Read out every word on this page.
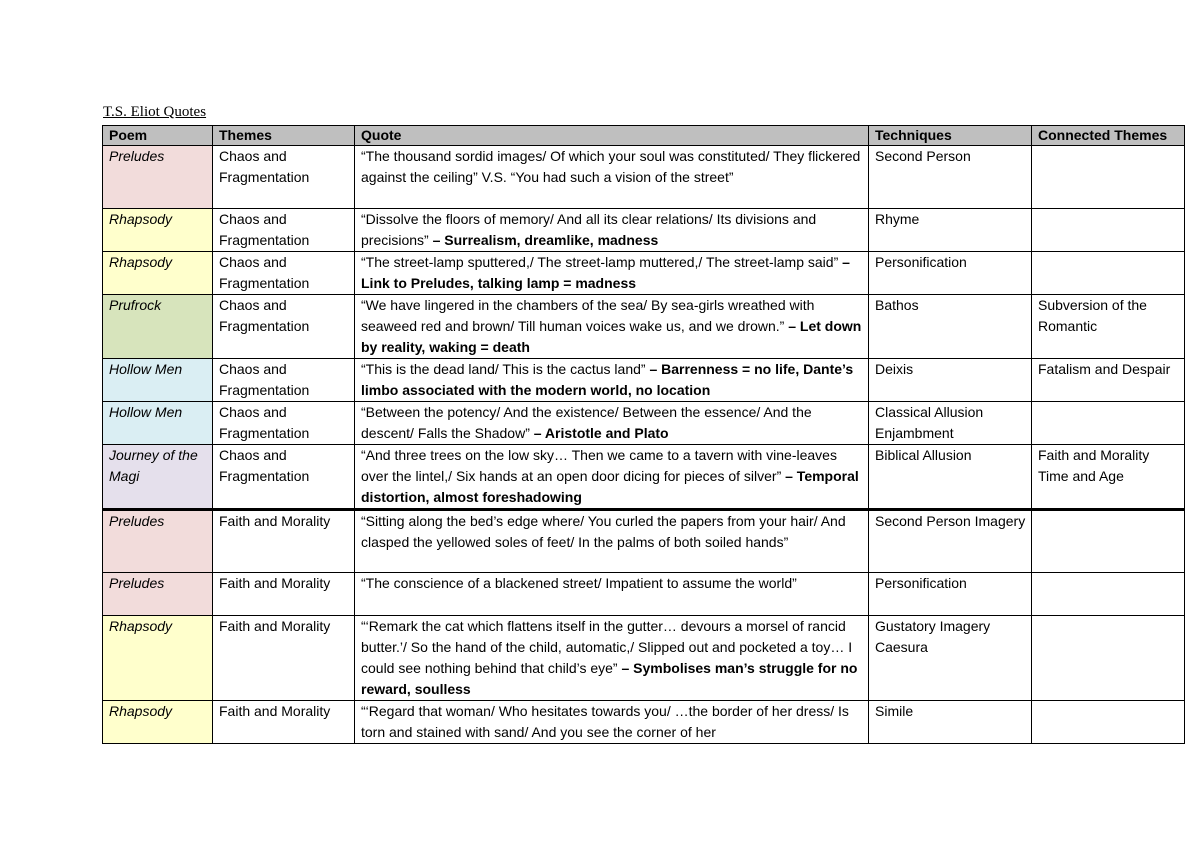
T.S. Eliot Quotes
Poem	Themes	Quote	Techniques	Connected Themes
Preludes	Chaos and Fragmentation	“The thousand sordid images/ Of which your soul was constituted/ They flickered against the ceiling” V.S. “You had such a vision of the street”	Second Person	
Rhapsody	Chaos and Fragmentation	“Dissolve the floors of memory/ And all its clear relations/ Its divisions and precisions” – Surrealism, dreamlike, madness	Rhyme	
Rhapsody	Chaos and Fragmentation	“The street-lamp sputtered,/ The street-lamp muttered,/ The street-lamp said” – Link to Preludes, talking lamp = madness	Personification	
Prufrock	Chaos and Fragmentation	“We have lingered in the chambers of the sea/ By sea-girls wreathed with seaweed red and brown/ Till human voices wake us, and we drown.” – Let down by reality, waking = death	Bathos	Subversion of the Romantic
Hollow Men	Chaos and Fragmentation	“This is the dead land/ This is the cactus land” – Barrenness = no life, Dante’s limbo associated with the modern world, no location	Deixis	Fatalism and Despair
Hollow Men	Chaos and Fragmentation	“Between the potency/ And the existence/ Between the essence/ And the descent/ Falls the Shadow” – Aristotle and Plato	Classical Allusion Enjambment	
Journey of the Magi	Chaos and Fragmentation	“And three trees on the low sky… Then we came to a tavern with vine-leaves over the lintel,/ Six hands at an open door dicing for pieces of silver” – Temporal distortion, almost foreshadowing	Biblical Allusion	Faith and Morality Time and Age
Preludes	Faith and Morality	“Sitting along the bed’s edge where/ You curled the papers from your hair/ And clasped the yellowed soles of feet/ In the palms of both soiled hands”	Second Person Imagery	
Preludes	Faith and Morality	“The conscience of a blackened street/ Impatient to assume the world”	Personification	
Rhapsody	Faith and Morality	“‘Remark the cat which flattens itself in the gutter… devours a morsel of rancid butter.’/ So the hand of the child, automatic,/ Slipped out and pocketed a toy… I could see nothing behind that child’s eye” – Symbolises man’s struggle for no reward, soulless	Gustatory Imagery Caesura	
Rhapsody	Faith and Morality	“‘Regard that woman/ Who hesitates towards you/ …the border of her dress/ Is torn and stained with sand/ And you see the corner of her	Simile	
